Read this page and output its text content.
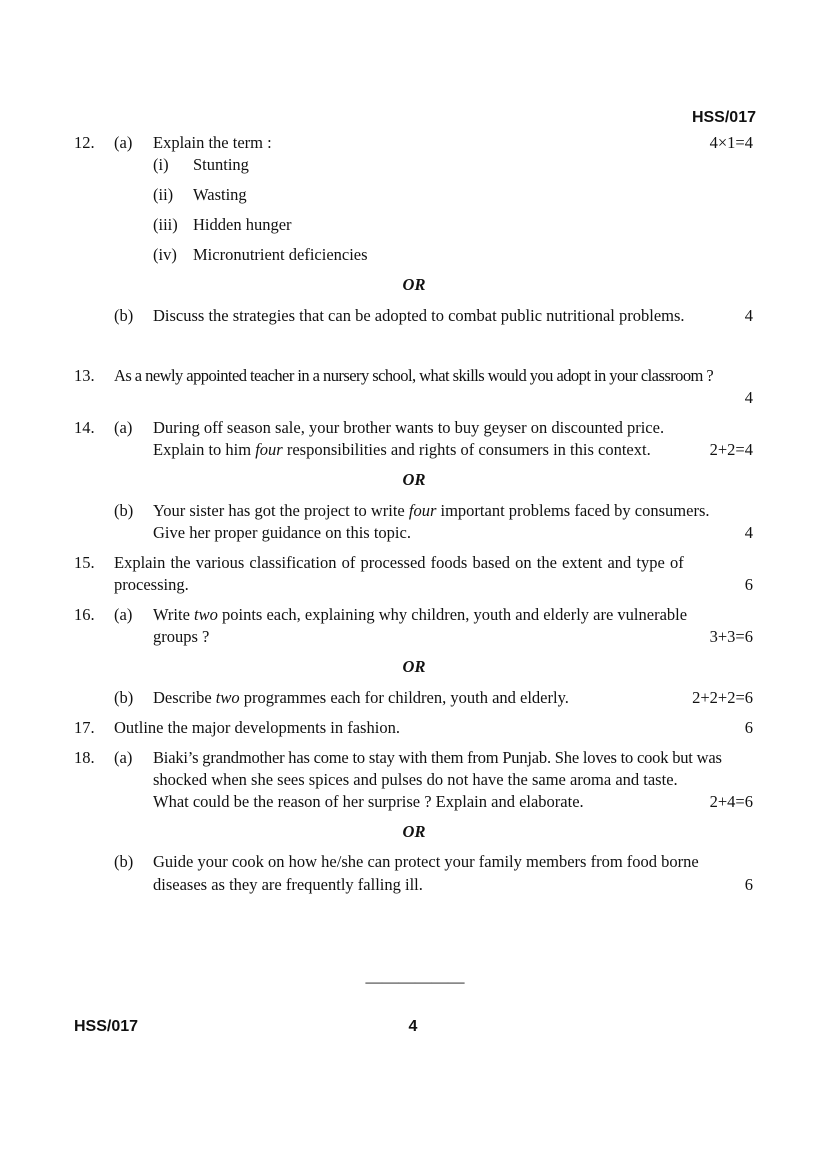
HSS/017
12. (a) Explain the term :	4×1=4
(i) Stunting
(ii) Wasting
(iii) Hidden hunger
(iv) Micronutrient deficiencies
OR
(b) Discuss the strategies that can be adopted to combat public nutritional problems.	4
13. As a newly appointed teacher in a nursery school, what skills would you adopt in your classroom ?
4
14. (a) During off season sale, your brother wants to buy geyser on discounted price.
Explain to him four responsibilities and rights of consumers in this context.	2+2=4
OR
(b) Your sister has got the project to write four important problems faced by consumers.
Give her proper guidance on this topic.	4
15. Explain the various classification of processed foods based on the extent and type of
processing.	6
16. (a) Write two points each, explaining why children, youth and elderly are vulnerable
groups ?	3+3=6
OR
(b) Describe two programmes each for children, youth and elderly.	2+2+2=6
17. Outline the major developments in fashion.	6
18. (a) Biaki’s grandmother has come to stay with them from Punjab. She loves to cook but was
shocked when she sees spices and pulses do not have the same aroma and taste.
What could be the reason of her surprise ? Explain and elaborate.	2+4=6
OR
(b) Guide your cook on how he/she can protect your family members from food borne
diseases as they are frequently falling ill.	6
——————
HSS/017	4
